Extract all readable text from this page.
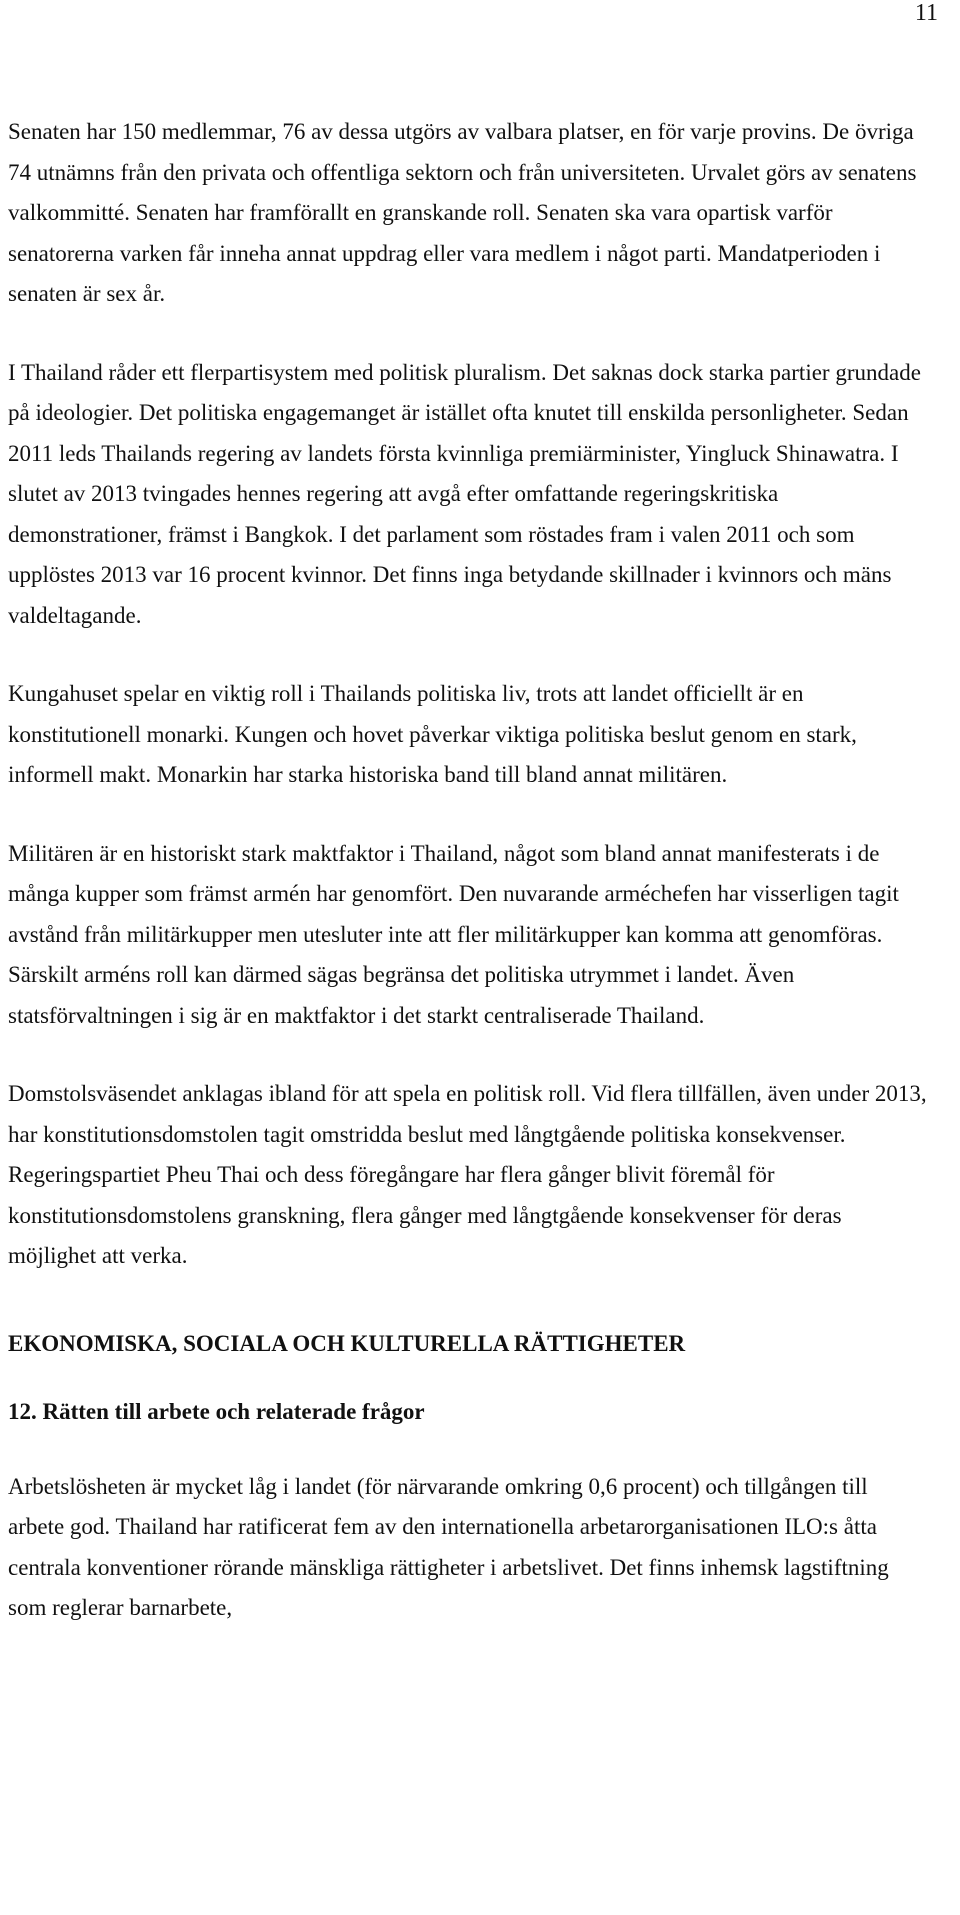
11

Senaten har 150 medlemmar, 76 av dessa utgörs av valbara platser, en för varje provins. De övriga 74 utnämns från den privata och offentliga sektorn och från universiteten. Urvalet görs av senatens valkommitté. Senaten har framförallt en granskande roll. Senaten ska vara opartisk varför senatorerna varken får inneha annat uppdrag eller vara medlem i något parti. Mandatperioden i senaten är sex år.

I Thailand råder ett flerpartisystem med politisk pluralism. Det saknas dock starka partier grundade på ideologier. Det politiska engagemanget är istället ofta knutet till enskilda personligheter. Sedan 2011 leds Thailands regering av landets första kvinnliga premiärminister, Yingluck Shinawatra. I slutet av 2013 tvingades hennes regering att avgå efter omfattande regeringskritiska demonstrationer, främst i Bangkok. I det parlament som röstades fram i valen 2011 och som upplöstes 2013 var 16 procent kvinnor. Det finns inga betydande skillnader i kvinnors och mäns valdeltagande.

Kungahuset spelar en viktig roll i Thailands politiska liv, trots att landet officiellt är en konstitutionell monarki. Kungen och hovet påverkar viktiga politiska beslut genom en stark, informell makt. Monarkin har starka historiska band till bland annat militären.

Militären är en historiskt stark maktfaktor i Thailand, något som bland annat manifesterats i de många kupper som främst armén har genomfört. Den nuvarande arméchefen har visserligen tagit avstånd från militärkupper men utesluter inte att fler militärkupper kan komma att genomföras. Särskilt arméns roll kan därmed sägas begränsa det politiska utrymmet i landet. Även statsförvaltningen i sig är en maktfaktor i det starkt centraliserade Thailand.

Domstolsväsendet anklagas ibland för att spela en politisk roll. Vid flera tillfällen, även under 2013, har konstitutionsdomstolen tagit omstridda beslut med långtgående politiska konsekvenser. Regeringspartiet Pheu Thai och dess föregångare har flera gånger blivit föremål för konstitutionsdomstolens granskning, flera gånger med långtgående konsekvenser för deras möjlighet att verka.

EKONOMISKA, SOCIALA OCH KULTURELLA RÄTTIGHETER
12. Rätten till arbete och relaterade frågor

Arbetslösheten är mycket låg i landet (för närvarande omkring 0,6 procent) och tillgången till arbete god. Thailand har ratificerat fem av den internationella arbetarorganisationen ILO:s åtta centrala konventioner rörande mänskliga rättigheter i arbetslivet. Det finns inhemsk lagstiftning som reglerar barnarbete,
